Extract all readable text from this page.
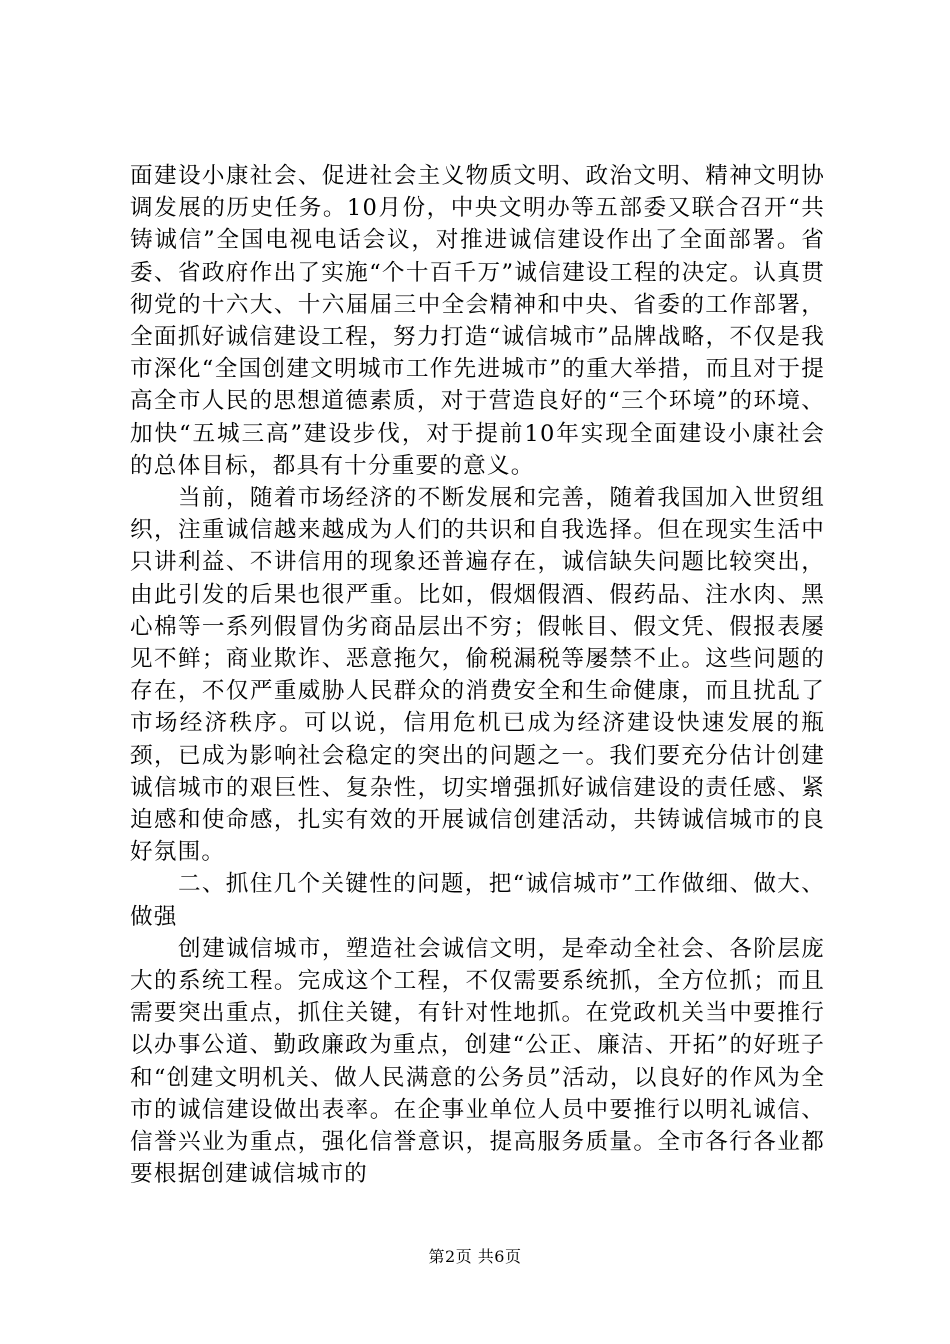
面建设小康社会、促进社会主义物质文明、政治文明、精神文明协调发展的历史任务。10月份，中央文明办等五部委又联合召开“共铸诚信”全国电视电话会议，对推进诚信建设作出了全面部署。省委、省政府作出了实施“个十百千万”诚信建设工程的决定。认真贯彻党的十六大、十六届届三中全会精神和中央、省委的工作部署，全面抓好诚信建设工程，努力打造“诚信城市”品牌战略，不仅是我市深化“全国创建文明城市工作先进城市”的重大举措，而且对于提高全市人民的思想道德素质，对于营造良好的“三个环境”的环境、加快“五城三高”建设步伐，对于提前10年实现全面建设小康社会的总体目标，都具有十分重要的意义。

当前，随着市场经济的不断发展和完善，随着我国加入世贸组织，注重诚信越来越成为人们的共识和自我选择。但在现实生活中只讲利益、不讲信用的现象还普遍存在，诚信缺失问题比较突出，由此引发的后果也很严重。比如，假烟假酒、假药品、注水肉、黑心棉等一系列假冒伪劣商品层出不穷；假帐目、假文凭、假报表屡见不鲜；商业欺诈、恶意拖欠，偷税漏税等屡禁不止。这些问题的存在，不仅严重威胁人民群众的消费安全和生命健康，而且扰乱了市场经济秩序。可以说，信用危机已成为经济建设快速发展的瓶颈，已成为影响社会稳定的突出的问题之一。我们要充分估计创建诚信城市的艰巨性、复杂性，切实增强抓好诚信建设的责任感、紧迫感和使命感，扎实有效的开展诚信创建活动，共铸诚信城市的良好氛围。

二、抓住几个关键性的问题，把“诚信城市”工作做细、做大、做强

创建诚信城市，塑造社会诚信文明，是牵动全社会、各阶层庞大的系统工程。完成这个工程，不仅需要系统抓，全方位抓；而且需要突出重点，抓住关键，有针对性地抓。在党政机关当中要推行以办事公道、勤政廉政为重点，创建“公正、廉洁、开拓”的好班子和“创建文明机关、做人民满意的公务员”活动，以良好的作风为全市的诚信建设做出表率。在企事业单位人员中要推行以明礼诚信、信誉兴业为重点，强化信誉意识，提高服务质量。全市各行各业都要根据创建诚信城市的

第2页 共6页
